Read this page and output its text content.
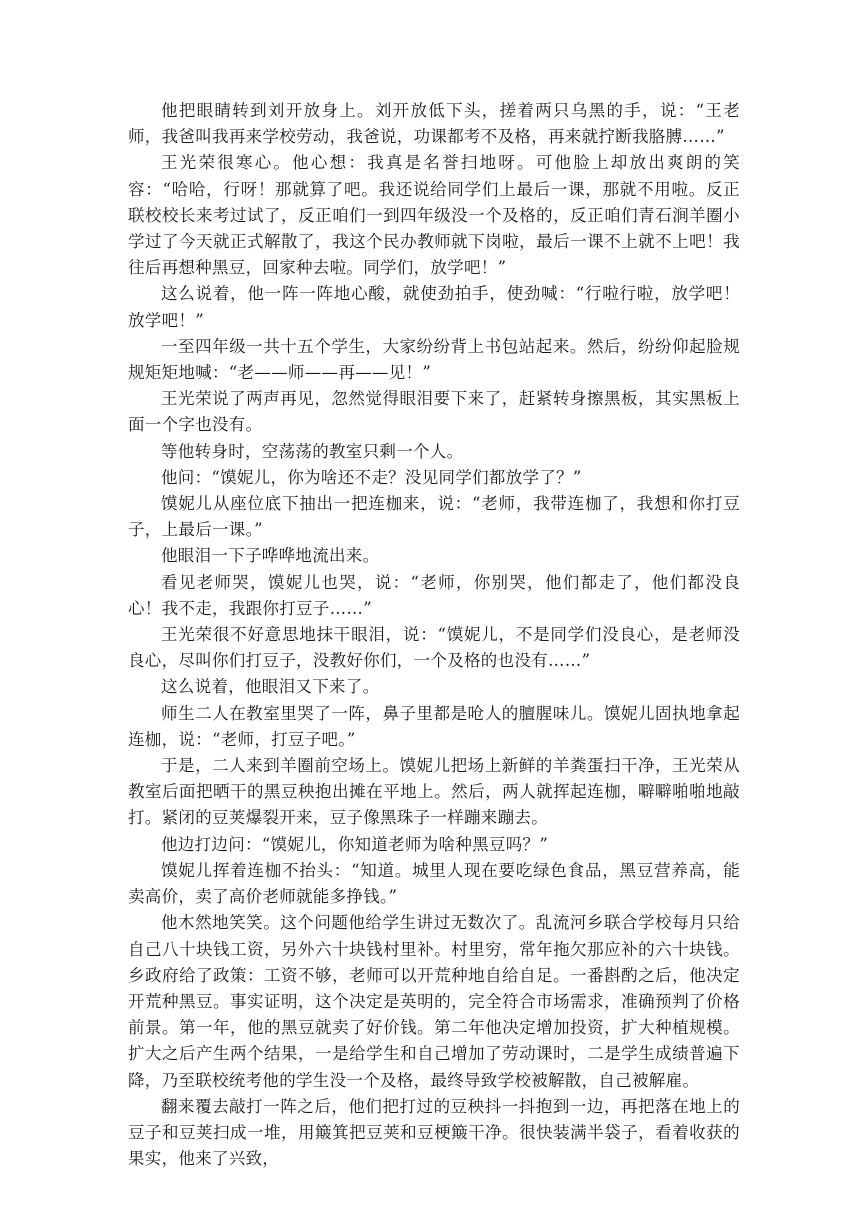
他把眼睛转到刘开放身上。刘开放低下头，搓着两只乌黑的手，说：“王老师，我爸叫我再来学校劳动，我爸说，功课都考不及格，再来就拧断我胳膊……”

王光荣很寒心。他心想：我真是名誉扫地呀。可他脸上却放出爽朗的笑容：“哈哈，行呀！那就算了吧。我还说给同学们上最后一课，那就不用啦。反正联校校长来考过试了，反正咱们一到四年级没一个及格的，反正咱们青石涧羊圈小学过了今天就正式解散了，我这个民办教师就下岗啦，最后一课不上就不上吧！我往后再想种黑豆，回家种去啦。同学们，放学吧！”

这么说着，他一阵一阵地心酸，就使劲拍手，使劲喊：“行啦行啦，放学吧！放学吧！”

一至四年级一共十五个学生，大家纷纷背上书包站起来。然后，纷纷仰起脸规规矩矩地喊：“老——师——再——见！”

王光荣说了两声再见，忽然觉得眼泪要下来了，赶紧转身擦黑板，其实黑板上面一个字也没有。

等他转身时，空荡荡的教室只剩一个人。

他问：“馍妮儿，你为啥还不走？没见同学们都放学了？”

馍妮儿从座位底下抽出一把连枷来，说：“老师，我带连枷了，我想和你打豆子，上最后一课。”

他眼泪一下子哗哗地流出来。

看见老师哭，馍妮儿也哭，说：“老师，你别哭，他们都走了，他们都没良心！我不走，我跟你打豆子……”

王光荣很不好意思地抹干眼泪，说：“馍妮儿，不是同学们没良心，是老师没良心，尽叫你们打豆子，没教好你们，一个及格的也没有……”

这么说着，他眼泪又下来了。

师生二人在教室里哭了一阵，鼻子里都是呛人的膻腥味儿。馍妮儿固执地拿起连枷，说：“老师，打豆子吧。”

于是，二人来到羊圈前空场上。馍妮儿把场上新鲜的羊粪蛋扫干净，王光荣从教室后面把晒干的黑豆秧抱出摊在平地上。然后，两人就挥起连枷，噼噼啪啪地敲打。紧闭的豆荚爆裂开来，豆子像黑珠子一样蹦来蹦去。

他边打边问：“馍妮儿，你知道老师为啥种黑豆吗？”

馍妮儿挥着连枷不抬头：“知道。城里人现在要吃绿色食品，黑豆营养高，能卖高价，卖了高价老师就能多挣钱。”

他木然地笑笑。这个问题他给学生讲过无数次了。乱流河乡联合学校每月只给自己八十块钱工资，另外六十块钱村里补。村里穷，常年拖欠那应补的六十块钱。乡政府给了政策：工资不够，老师可以开荒种地自给自足。一番斟酌之后，他决定开荒种黑豆。事实证明，这个决定是英明的，完全符合市场需求，准确预判了价格前景。第一年，他的黑豆就卖了好价钱。第二年他决定增加投资，扩大种植规模。扩大之后产生两个结果，一是给学生和自己增加了劳动课时，二是学生成绩普遍下降，乃至联校统考他的学生没一个及格，最终导致学校被解散，自己被解雇。

翻来覆去敲打一阵之后，他们把打过的豆秧抖一抖抱到一边，再把落在地上的豆子和豆荚扫成一堆，用簸箕把豆荚和豆梗簸干净。很快装满半袋子，看着收获的果实，他来了兴致，
